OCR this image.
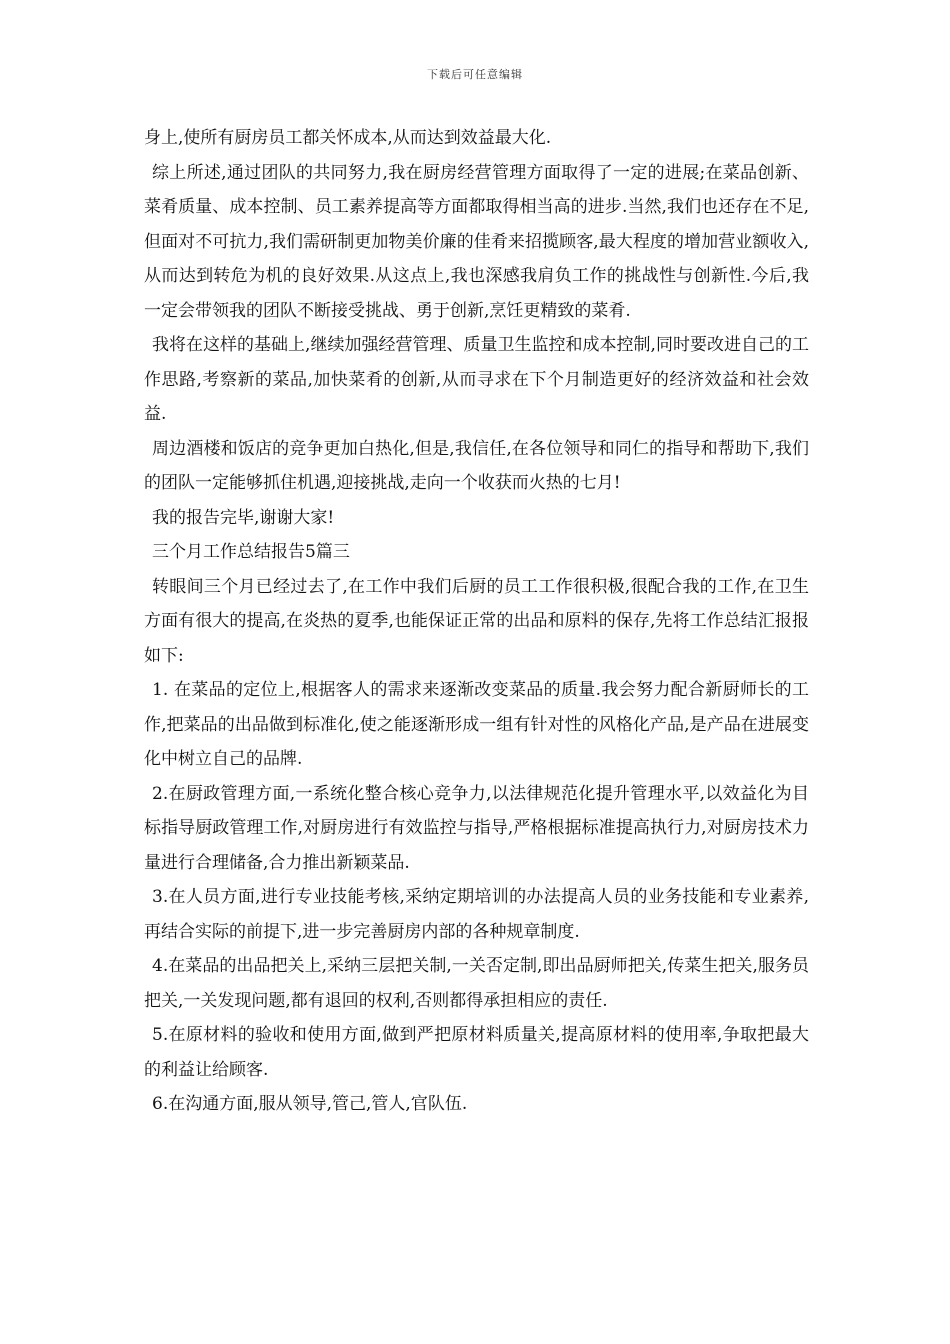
下载后可任意编辑

身上,使所有厨房员工都关怀成本,从而达到效益最大化.

综上所述,通过团队的共同努力,我在厨房经营管理方面取得了一定的进展;在菜品创新、菜肴质量、成本控制、员工素养提高等方面都取得相当高的进步.当然,我们也还存在不足,但面对不可抗力,我们需研制更加物美价廉的佳肴来招揽顾客,最大程度的增加营业额收入,从而达到转危为机的良好效果.从这点上,我也深感我肩负工作的挑战性与创新性.今后,我一定会带领我的团队不断接受挑战、勇于创新,烹饪更精致的菜肴.

我将在这样的基础上,继续加强经营管理、质量卫生监控和成本控制,同时要改进自己的工作思路,考察新的菜品,加快菜肴的创新,从而寻求在下个月制造更好的经济效益和社会效益.

周边酒楼和饭店的竞争更加白热化,但是,我信任,在各位领导和同仁的指导和帮助下,我们的团队一定能够抓住机遇,迎接挑战,走向一个收获而火热的七月!

我的报告完毕,谢谢大家!

三个月工作总结报告5篇三

转眼间三个月已经过去了,在工作中我们后厨的员工工作很积极,很配合我的工作,在卫生方面有很大的提高,在炎热的夏季,也能保证正常的出品和原料的保存,先将工作总结汇报报如下:

1. 在菜品的定位上,根据客人的需求来逐渐改变菜品的质量.我会努力配合新厨师长的工作,把菜品的出品做到标准化,使之能逐渐形成一组有针对性的风格化产品,是产品在进展变化中树立自己的品牌.

2.在厨政管理方面,一系统化整合核心竞争力,以法律规范化提升管理水平,以效益化为目标指导厨政管理工作,对厨房进行有效监控与指导,严格根据标准提高执行力,对厨房技术力量进行合理储备,合力推出新颖菜品.

3.在人员方面,进行专业技能考核,采纳定期培训的办法提高人员的业务技能和专业素养,再结合实际的前提下,进一步完善厨房内部的各种规章制度.

4.在菜品的出品把关上,采纳三层把关制,一关否定制,即出品厨师把关,传菜生把关,服务员把关,一关发现问题,都有退回的权利,否则都得承担相应的责任.

5.在原材料的验收和使用方面,做到严把原材料质量关,提高原材料的使用率,争取把最大的利益让给顾客.

6.在沟通方面,服从领导,管己,管人,官队伍.
